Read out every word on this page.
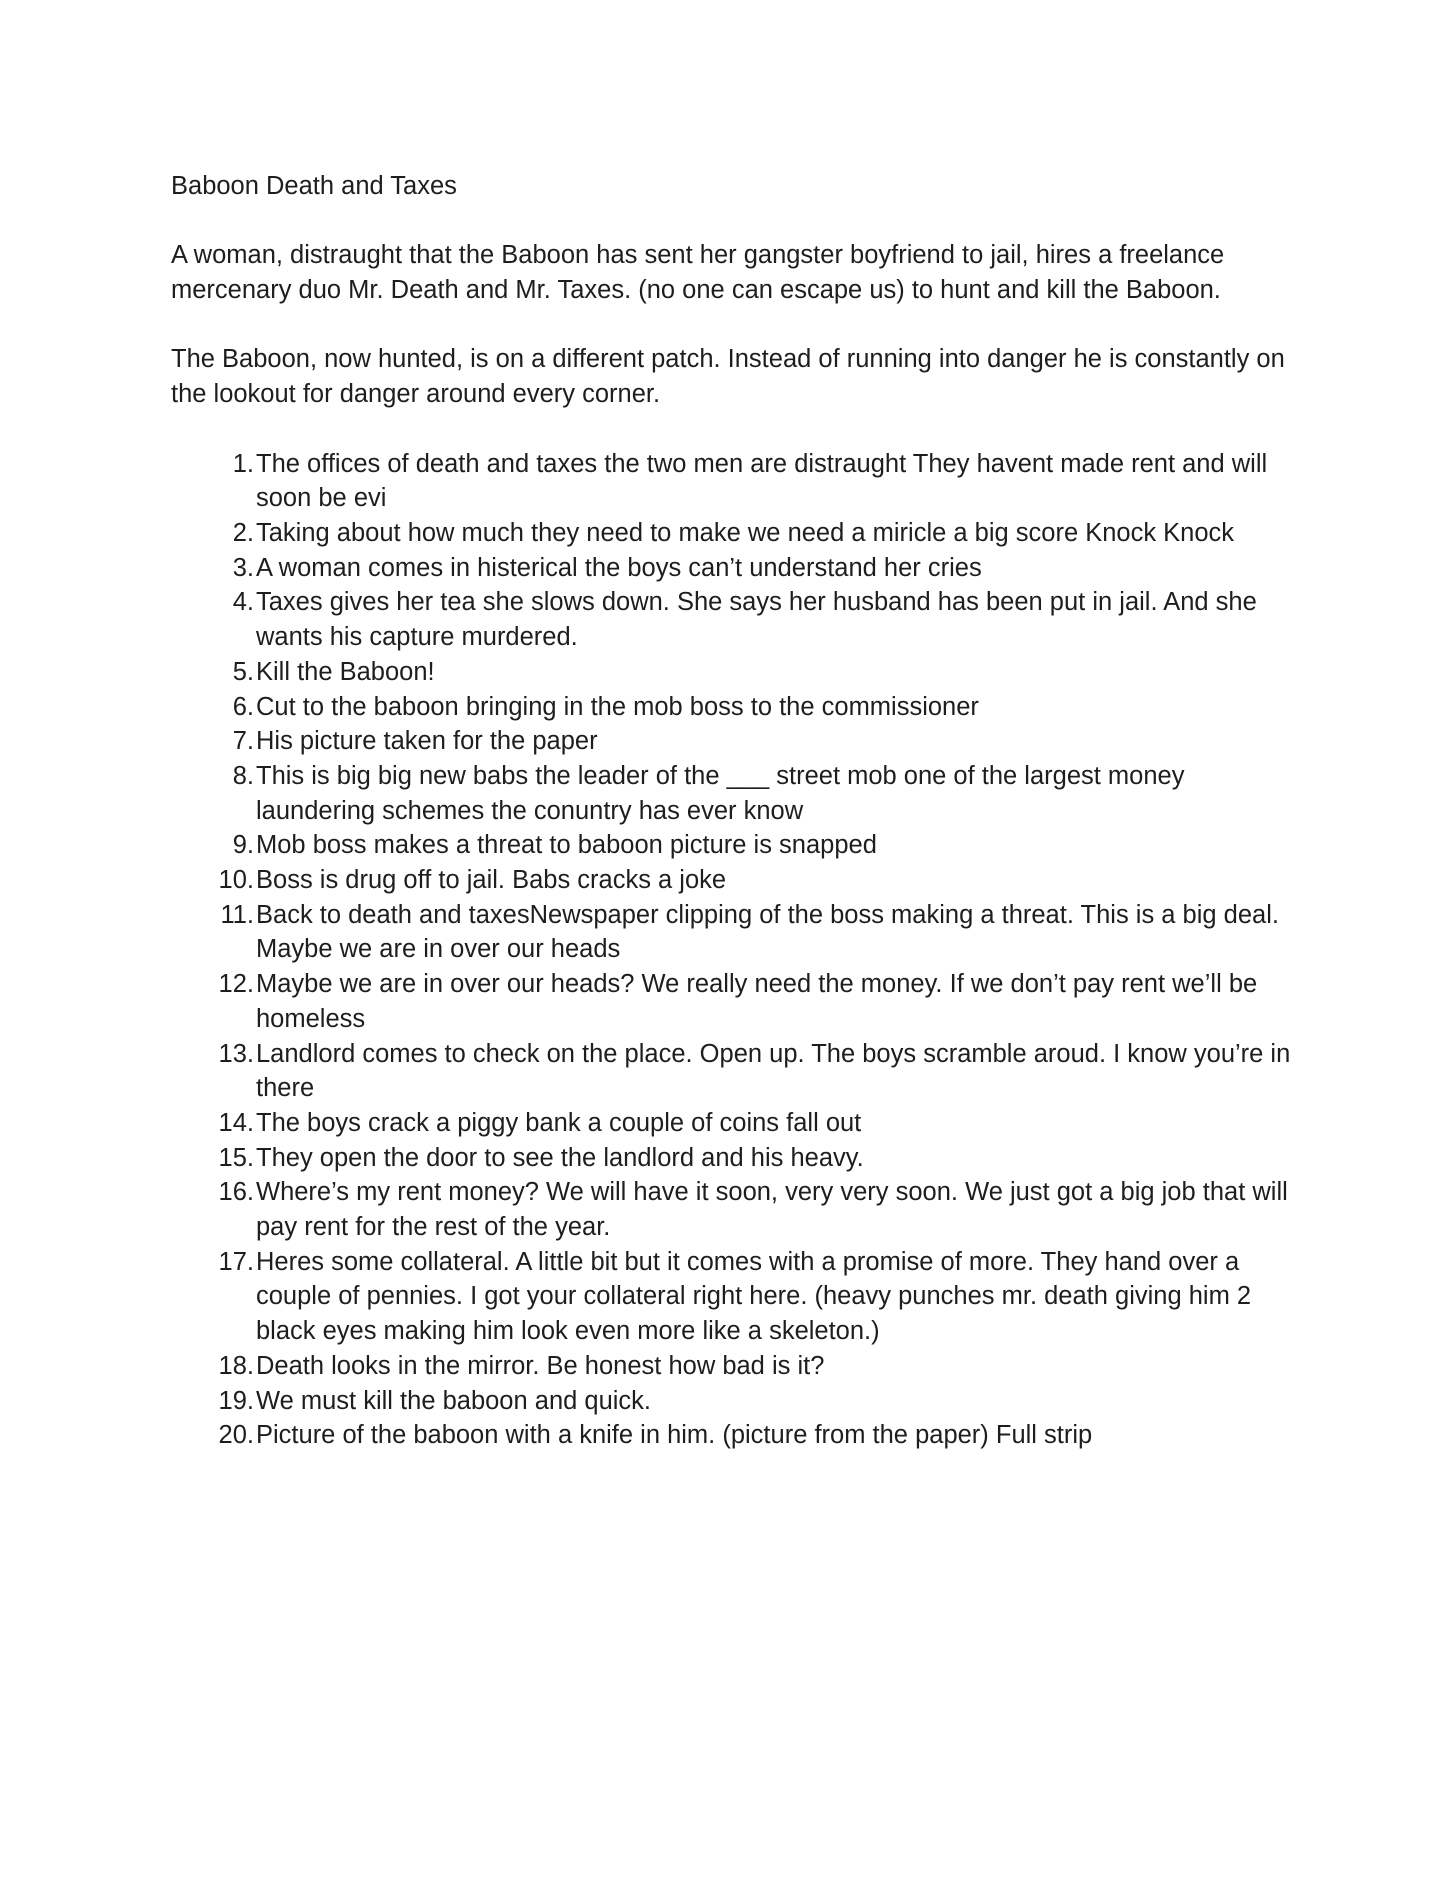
Baboon Death and Taxes

A woman, distraught that the Baboon has sent her gangster boyfriend to jail, hires a freelance mercenary duo Mr. Death and Mr. Taxes. (no one can escape us) to hunt and kill the Baboon.

The Baboon, now hunted, is on a different patch. Instead of running into danger he is constantly on the lookout for danger around every corner.

1. The offices of death and taxes the two men are distraught They havent made rent and will soon be evi
2. Taking about how much they need to make we need a miricle a big score Knock Knock
3. A woman comes in histerical the boys can’t understand her cries
4. Taxes gives her tea she slows down. She says her husband has been put in jail. And she wants his capture murdered.
5. Kill the Baboon!
6. Cut to the baboon bringing in the mob boss to the commissioner
7. His picture taken for the paper
8. This is big big new babs the leader of the ___ street mob one of the largest money laundering schemes the conuntry has ever know
9. Mob boss makes a threat to baboon picture is snapped
10. Boss is drug off to jail. Babs cracks a joke
11. Back to death and taxesNewspaper clipping of the boss making a threat. This is a big deal. Maybe we are in over our heads
12. Maybe we are in over our heads? We really need the money. If we don’t pay rent we’ll be homeless
13. Landlord comes to check on the place. Open up. The boys scramble aroud. I know you’re in there
14. The boys crack a piggy bank a couple of coins fall out
15. They open the door to see the landlord and his heavy.
16. Where’s my rent money? We will have it soon, very very soon. We just got a big job that will pay rent for the rest of the year.
17. Heres some collateral. A little bit but it comes with a promise of more. They hand over a couple of pennies. I got your collateral right here. (heavy punches mr. death giving him 2 black eyes making him look even more like a skeleton.)
18. Death looks in the mirror. Be honest how bad is it?
19. We must kill the baboon and quick.
20. Picture of the baboon with a knife in him. (picture from the paper) Full strip
